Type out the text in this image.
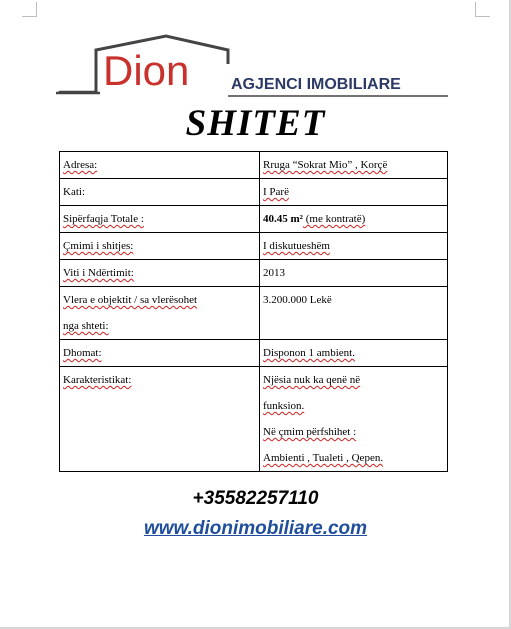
Dion	AGJENCI IMOBILIARE
SHITET
Adresa:	Rruga “Sokrat Mio” , Korçë
Kati:	I Parë
Sipërfaqja Totale :	40.45 m² (me kontratë)
Çmimi i shitjes:	I diskutueshëm
Viti i Ndërtimit:	2013
Vlera e objektit / sa vlerësohet
nga shteti:	3.200.000 Lekë
Dhomat:	Disponon 1 ambient.
Karakteristikat:	Njësia nuk ka qenë në
funksion.
Në çmim përfshihet :
Ambienti , Tualeti , Qepen.
+35582257110
www.dionimobiliare.com
